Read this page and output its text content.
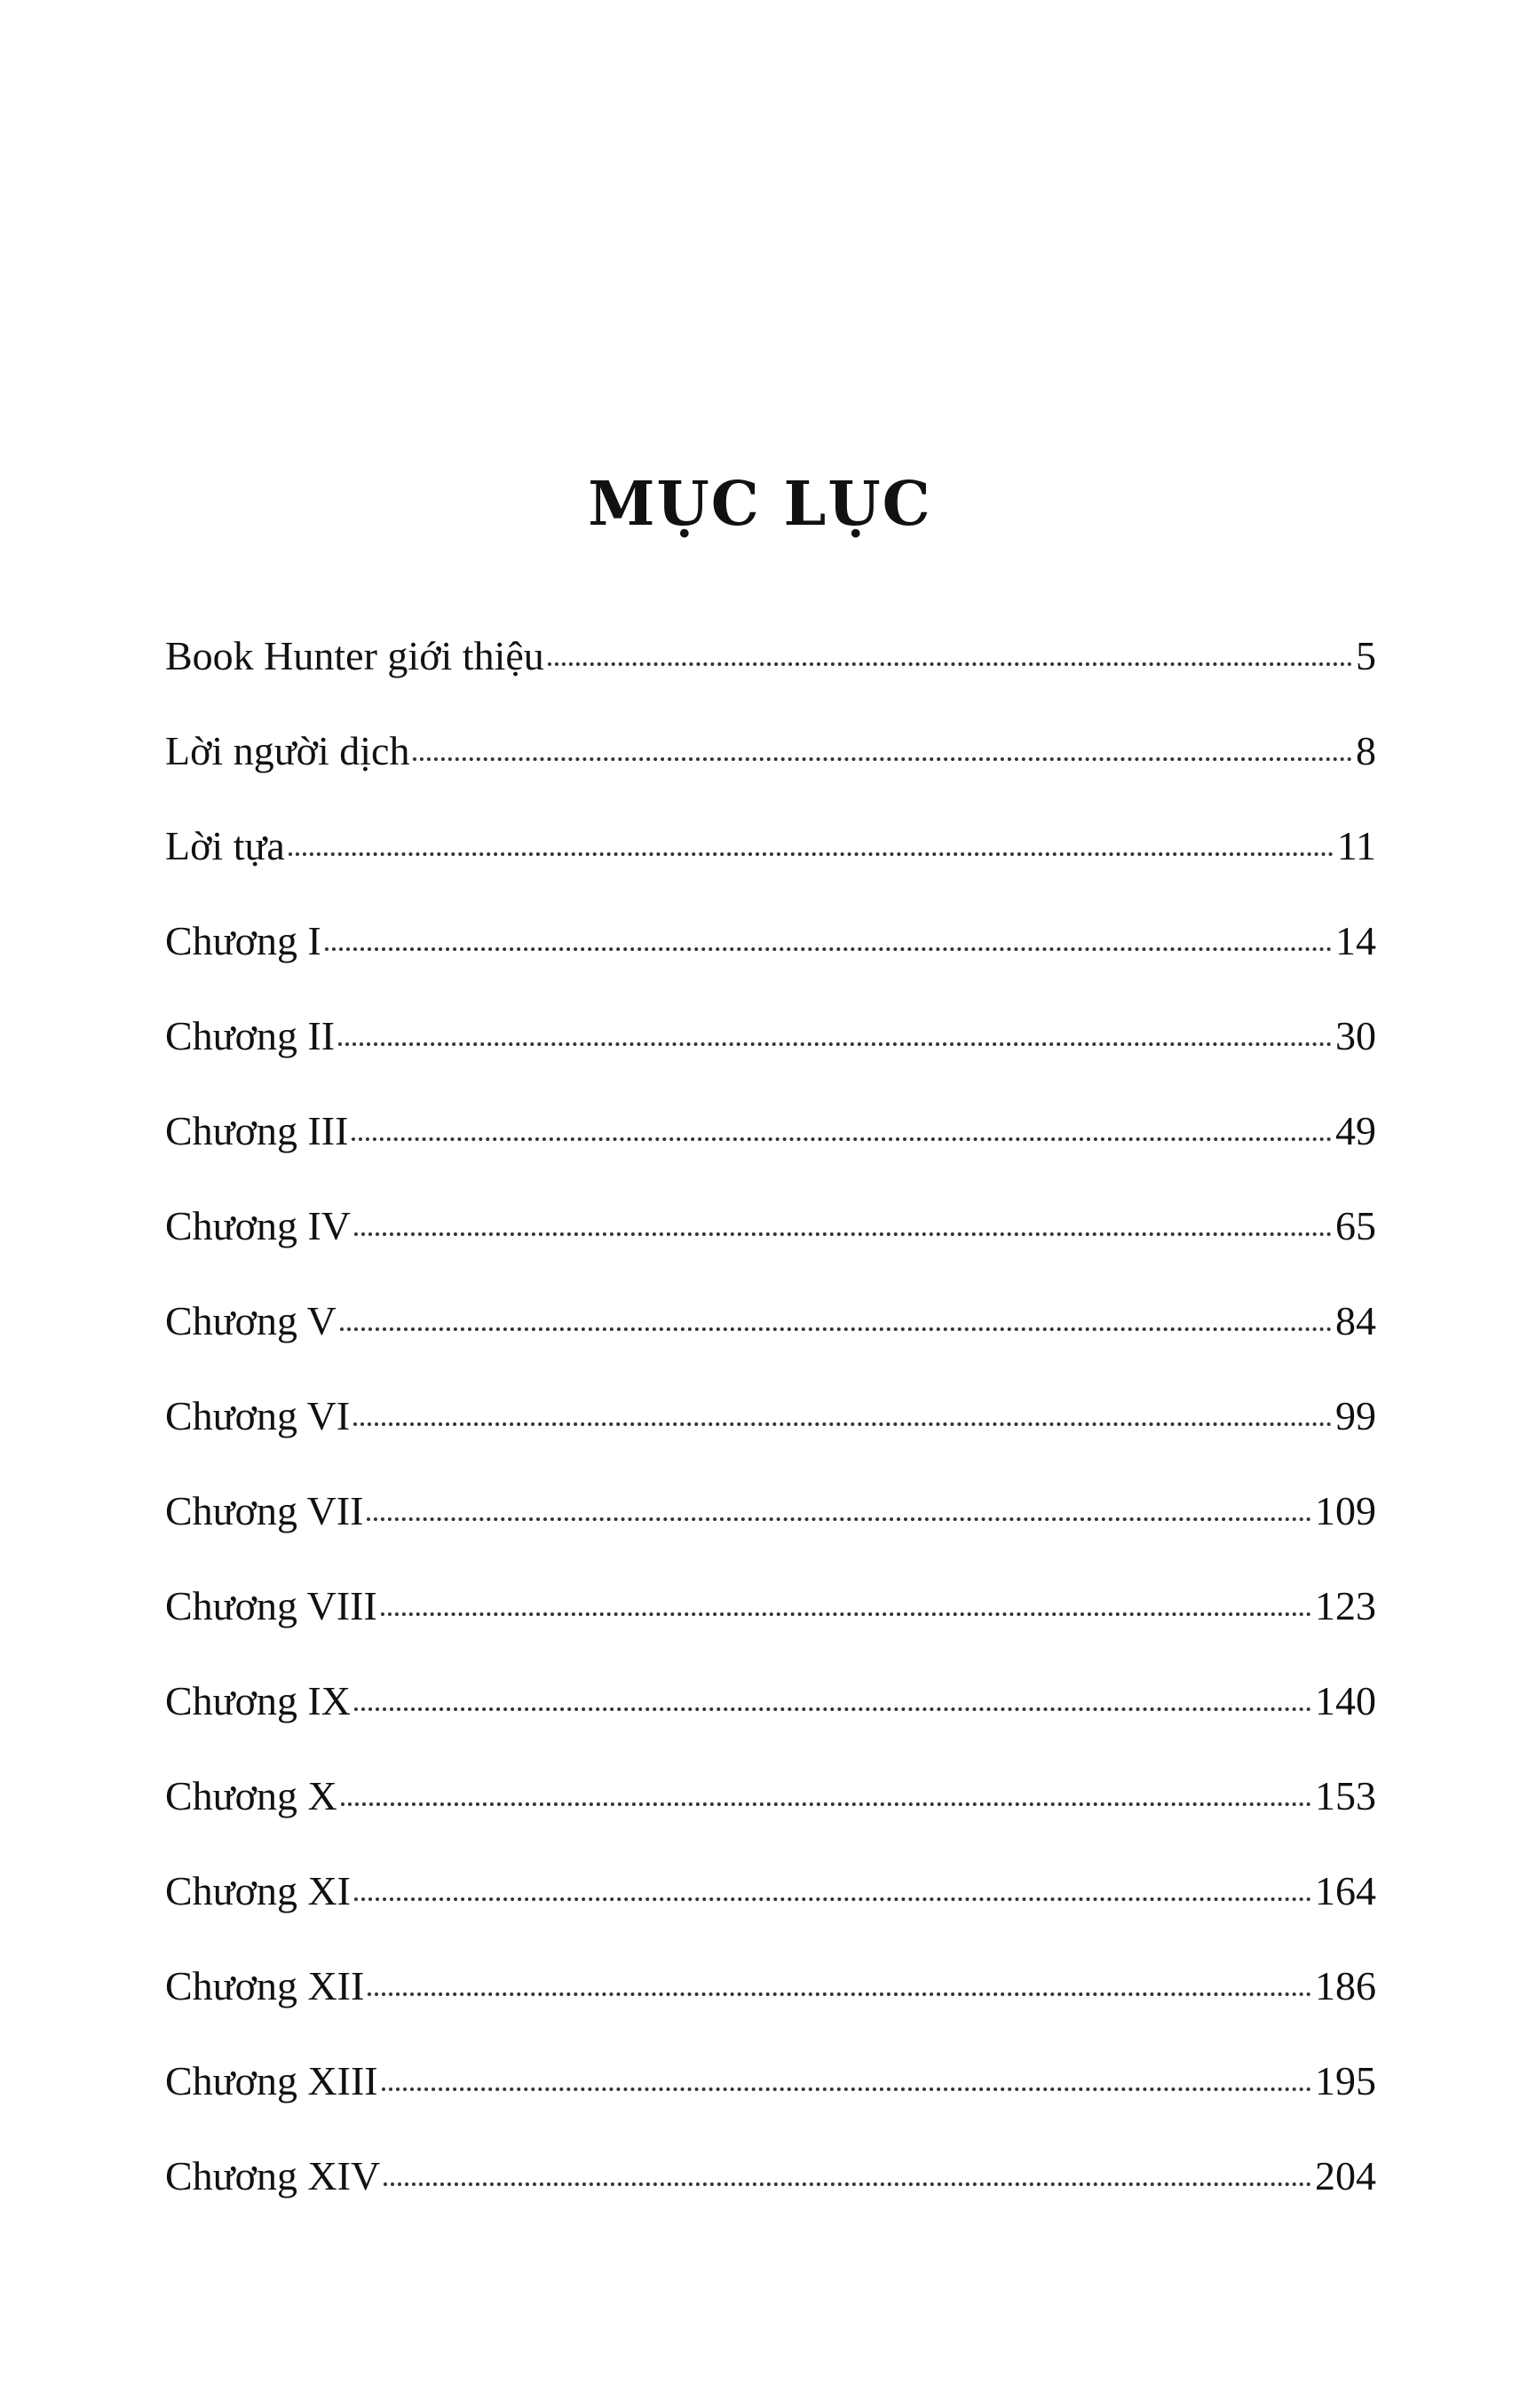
MỤC LỤC
Book Hunter giới thiệu	5
Lời người dịch	8
Lời tựa	11
Chương I	14
Chương II	30
Chương III	49
Chương IV	65
Chương V	84
Chương VI	99
Chương VII	109
Chương VIII	123
Chương IX	140
Chương X	153
Chương XI	164
Chương XII	186
Chương XIII	195
Chương XIV	204
